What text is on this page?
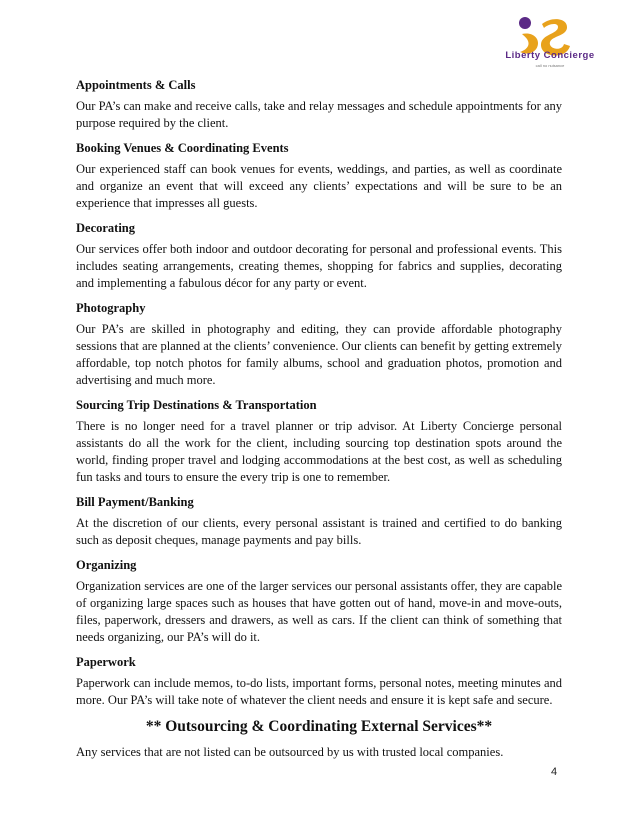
Liberty Concierge
call no nuisance
Appointments & Calls
Our PA’s can make and receive calls, take and relay messages and schedule appointments for any purpose required by the client.
Booking Venues & Coordinating Events
Our experienced staff can book venues for events, weddings, and parties, as well as coordinate and organize an event that will exceed any clients’ expectations and will be sure to be an experience that impresses all guests.
Decorating
Our services offer both indoor and outdoor decorating for personal and professional events. This includes seating arrangements, creating themes, shopping for fabrics and supplies, decorating and implementing a fabulous décor for any party or event.
Photography
Our PA’s are skilled in photography and editing, they can provide affordable photography sessions that are planned at the clients’ convenience. Our clients can benefit by getting extremely affordable, top notch photos for family albums, school and graduation photos, promotion and advertising and much more.
Sourcing Trip Destinations & Transportation
There is no longer need for a travel planner or trip advisor. At Liberty Concierge personal assistants do all the work for the client, including sourcing top destination spots around the world, finding proper travel and lodging accommodations at the best cost, as well as scheduling fun tasks and tours to ensure the every trip is one to remember.
Bill Payment/Banking
At the discretion of our clients, every personal assistant is trained and certified to do banking such as deposit cheques, manage payments and pay bills.
Organizing
Organization services are one of the larger services our personal assistants offer, they are capable of organizing large spaces such as houses that have gotten out of hand, move-in and move-outs, files, paperwork, dressers and drawers, as well as cars. If the client can think of something that needs organizing, our PA’s will do it.
Paperwork
Paperwork can include memos, to-do lists, important forms, personal notes, meeting minutes and more. Our PA’s will take note of whatever the client needs and ensure it is kept safe and secure.
** Outsourcing & Coordinating External Services**
Any services that are not listed can be outsourced by us with trusted local companies.
4
